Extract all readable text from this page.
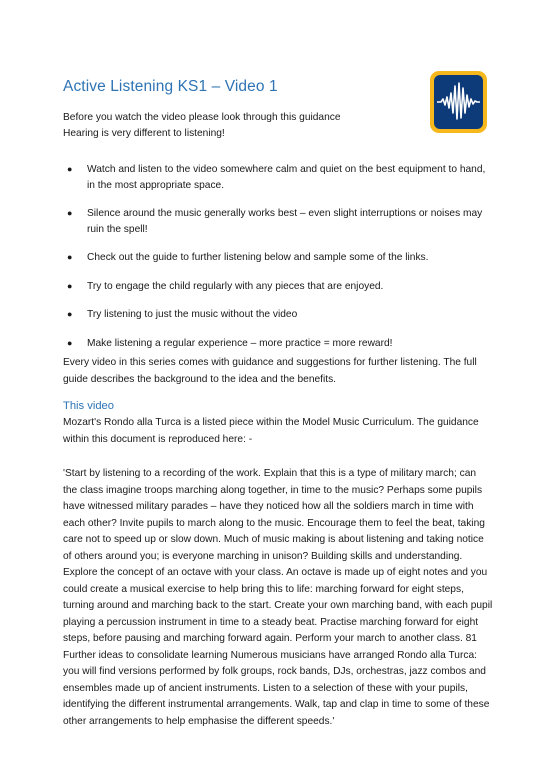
Active Listening KS1 – Video 1
Before you watch the video please look through this guidance
Hearing is very different to listening!
● Watch and listen to the video somewhere calm and quiet on the best equipment to hand, in the most appropriate space.
● Silence around the music generally works best – even slight interruptions or noises may ruin the spell!
● Check out the guide to further listening below and sample some of the links.
● Try to engage the child regularly with any pieces that are enjoyed.
● Try listening to just the music without the video
● Make listening a regular experience – more practice = more reward!
Every video in this series comes with guidance and suggestions for further listening. The full guide describes the background to the idea and the benefits.
This video
Mozart's Rondo alla Turca is a listed piece within the Model Music Curriculum. The guidance within this document is reproduced here: -
'Start by listening to a recording of the work. Explain that this is a type of military march; can the class imagine troops marching along together, in time to the music? Perhaps some pupils have witnessed military parades – have they noticed how all the soldiers march in time with each other? Invite pupils to march along to the music. Encourage them to feel the beat, taking care not to speed up or slow down. Much of music making is about listening and taking notice of others around you; is everyone marching in unison? Building skills and understanding. Explore the concept of an octave with your class. An octave is made up of eight notes and you could create a musical exercise to help bring this to life: marching forward for eight steps, turning around and marching back to the start. Create your own marching band, with each pupil playing a percussion instrument in time to a steady beat. Practise marching forward for eight steps, before pausing and marching forward again. Perform your march to another class. 81 Further ideas to consolidate learning Numerous musicians have arranged Rondo alla Turca: you will find versions performed by folk groups, rock bands, DJs, orchestras, jazz combos and ensembles made up of ancient instruments. Listen to a selection of these with your pupils, identifying the different instrumental arrangements. Walk, tap and clap in time to some of these other arrangements to help emphasise the different speeds.'
